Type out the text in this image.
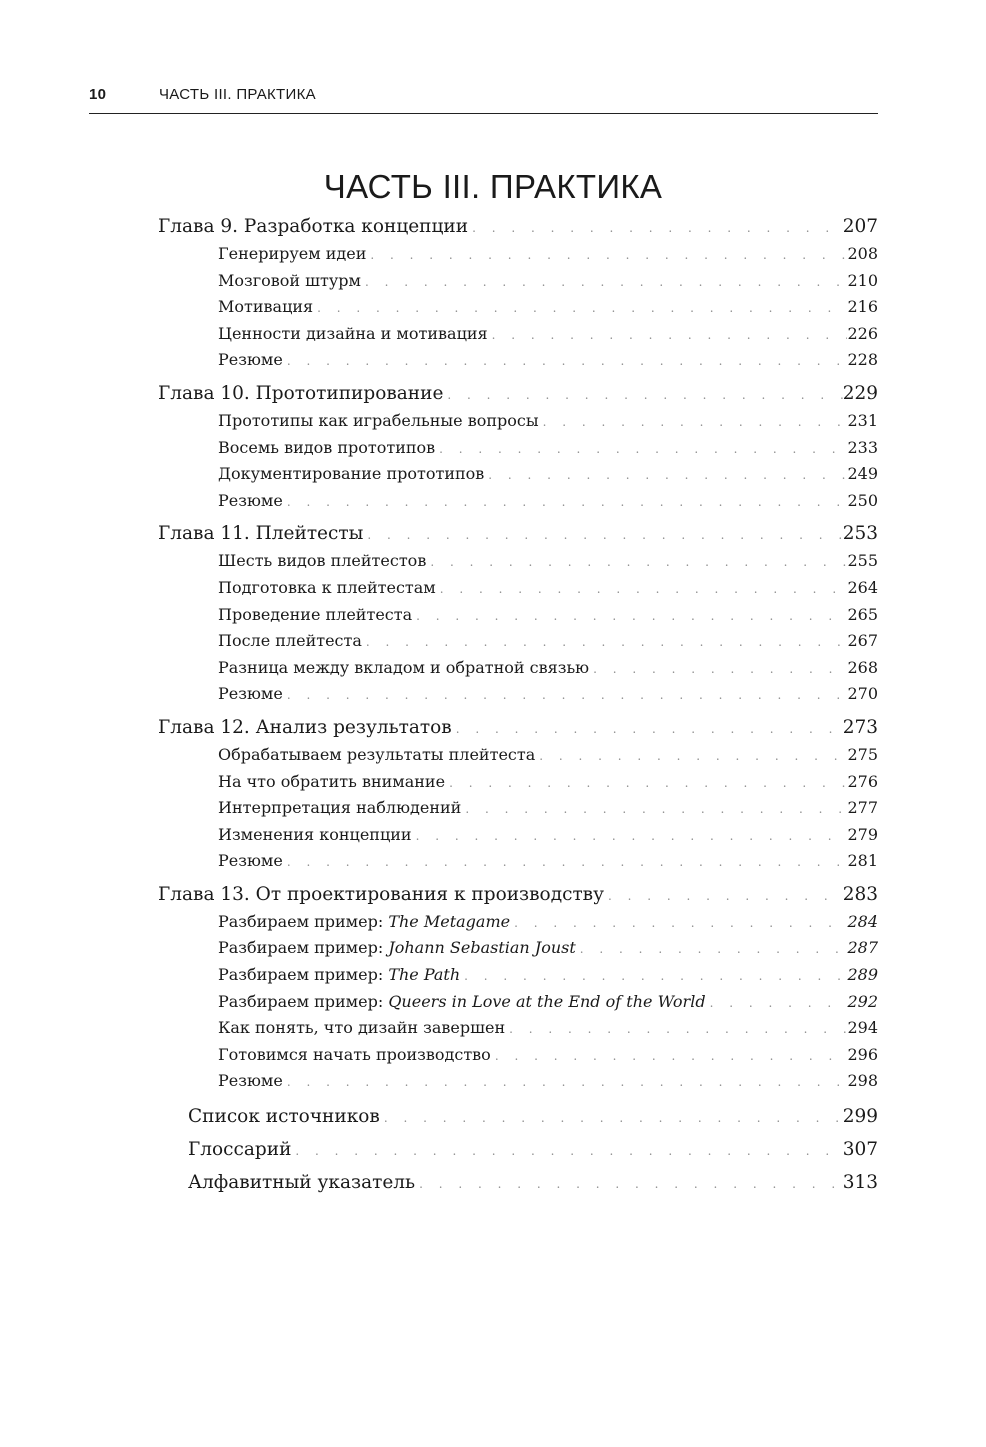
10	ЧАСТЬ III. ПРАКТИКА
ЧАСТЬ III. ПРАКТИКА
Глава 9. Разработка концепции . . .	207
Генерируем идеи . . .	208
Мозговой штурм . . .	210
Мотивация . . .	216
Ценности дизайна и мотивация . . .	226
Резюме . . .	228
Глава 10. Прототипирование . . .	229
Прототипы как играбельные вопросы . . .	231
Восемь видов прототипов . . .	233
Документирование прототипов . . .	249
Резюме . . .	250
Глава 11. Плейтесты . . .	253
Шесть видов плейтестов . . .	255
Подготовка к плейтестам . . .	264
Проведение плейтеста . . .	265
После плейтеста . . .	267
Разница между вкладом и обратной связью . . .	268
Резюме . . .	270
Глава 12. Анализ результатов . . .	273
Обрабатываем результаты плейтеста . . .	275
На что обратить внимание . . .	276
Интерпретация наблюдений . . .	277
Изменения концепции . . .	279
Резюме . . .	281
Глава 13. От проектирования к производству . . .	283
Разбираем пример: The Metagame . . .	284
Разбираем пример: Johann Sebastian Joust . . .	287
Разбираем пример: The Path . . .	289
Разбираем пример: Queers in Love at the End of the World . . .	292
Как понять, что дизайн завершен . . .	294
Готовимся начать производство . . .	296
Резюме . . .	298
Список источников . . .	299
Глоссарий . . .	307
Алфавитный указатель . . .	313
